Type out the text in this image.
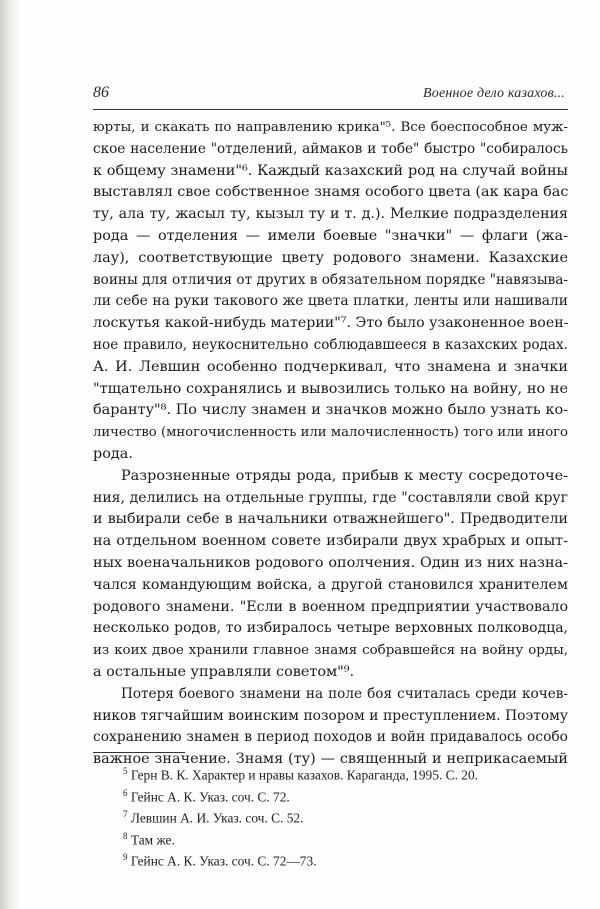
86	Военное дело казахов...
юрты, и скакать по направлению крика"⁵. Все боеспособное муж-
ское население "отделений, аймаков и тобе" быстро "собиралось
к общему знамени"⁶. Каждый казахский род на случай войны
выставлял свое собственное знамя особого цвета (ак кара бас
ту, ала ту, жасыл ту, кызыл ту и т. д.). Мелкие подразделения
рода — отделения — имели боевые "значки" — флаги (жа-
лау), соответствующие цвету родового знамени. Казахские
воины для отличия от других в обязательном порядке "навязыва-
ли себе на руки такового же цвета платки, ленты или нашивали
лоскутья какой-нибудь материи"⁷. Это было узаконенное воен-
ное правило, неукоснительно соблюдавшееся в казахских родах.
А. И. Левшин особенно подчеркивал, что знамена и значки
"тщательно сохранялись и вывозились только на войну, но не
баранту"⁸. По числу знамен и значков можно было узнать ко-
личество (многочисленность или малочисленность) того или иного
рода.
Разрозненные отряды рода, прибыв к месту сосредоточе-
ния, делились на отдельные группы, где "составляли свой круг
и выбирали себе в начальники отважнейшего". Предводители
на отдельном военном совете избирали двух храбрых и опыт-
ных военачальников родового ополчения. Один из них назна-
чался командующим войска, а другой становился хранителем
родового знамени. "Если в военном предприятии участвовало
несколько родов, то избиралось четыре верховных полководца,
из коих двое хранили главное знамя собравшейся на войну орды,
а остальные управляли советом"⁹.
Потеря боевого знамени на поле боя считалась среди кочев-
ников тягчайшим воинским позором и преступлением. Поэтому
сохранению знамен в период походов и войн придавалось особо
важное значение. Знамя (ту) — священный и неприкасаемый
$^5$ Герн В. К. Характер и нравы казахов. Караганда, 1995. С. 20.
$^6$ Гейнс А. К. Указ. соч. С. 72.
$^7$ Левшин А. И. Указ. соч. С. 52.
$^8$ Там же.
$^9$ Гейнс А. К. Указ. соч. С. 72—73.
